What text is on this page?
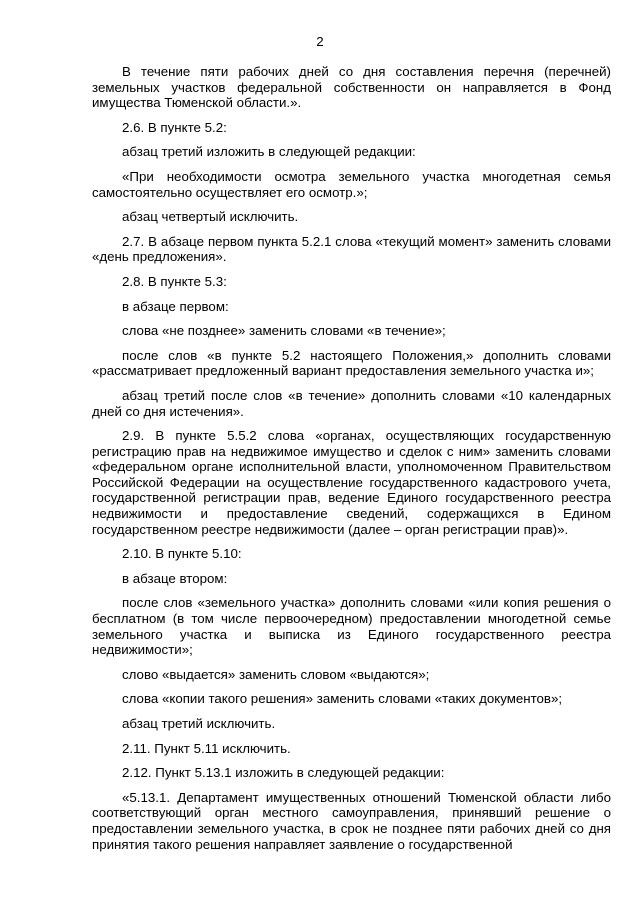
2

В течение пяти рабочих дней со дня составления перечня (перечней) земельных участков федеральной собственности он направляется в Фонд имущества Тюменской области.».

2.6. В пункте 5.2:

абзац третий изложить в следующей редакции:

«При необходимости осмотра земельного участка многодетная семья самостоятельно осуществляет его осмотр.»;

абзац четвертый исключить.

2.7. В абзаце первом пункта 5.2.1 слова «текущий момент» заменить словами «день предложения».

2.8. В пункте 5.3:

в абзаце первом:

слова «не позднее» заменить словами «в течение»;

после слов «в пункте 5.2 настоящего Положения,» дополнить словами «рассматривает предложенный вариант предоставления земельного участка и»;

абзац третий после слов «в течение» дополнить словами «10 календарных дней со дня истечения».

2.9. В пункте 5.5.2 слова «органах, осуществляющих государственную регистрацию прав на недвижимое имущество и сделок с ним» заменить словами «федеральном органе исполнительной власти, уполномоченном Правительством Российской Федерации на осуществление государственного кадастрового учета, государственной регистрации прав, ведение Единого государственного реестра недвижимости и предоставление сведений, содержащихся в Едином государственном реестре недвижимости (далее – орган регистрации прав)».

2.10. В пункте 5.10:

в абзаце втором:

после слов «земельного участка» дополнить словами «или копия решения о бесплатном (в том числе первоочередном) предоставлении многодетной семье земельного участка и выписка из Единого государственного реестра недвижимости»;

слово «выдается» заменить словом «выдаются»;

слова «копии такого решения» заменить словами «таких документов»;

абзац третий исключить.

2.11. Пункт 5.11 исключить.

2.12. Пункт 5.13.1 изложить в следующей редакции:

«5.13.1. Департамент имущественных отношений Тюменской области либо соответствующий орган местного самоуправления, принявший решение о предоставлении земельного участка, в срок не позднее пяти рабочих дней со дня принятия такого решения направляет заявление о государственной
